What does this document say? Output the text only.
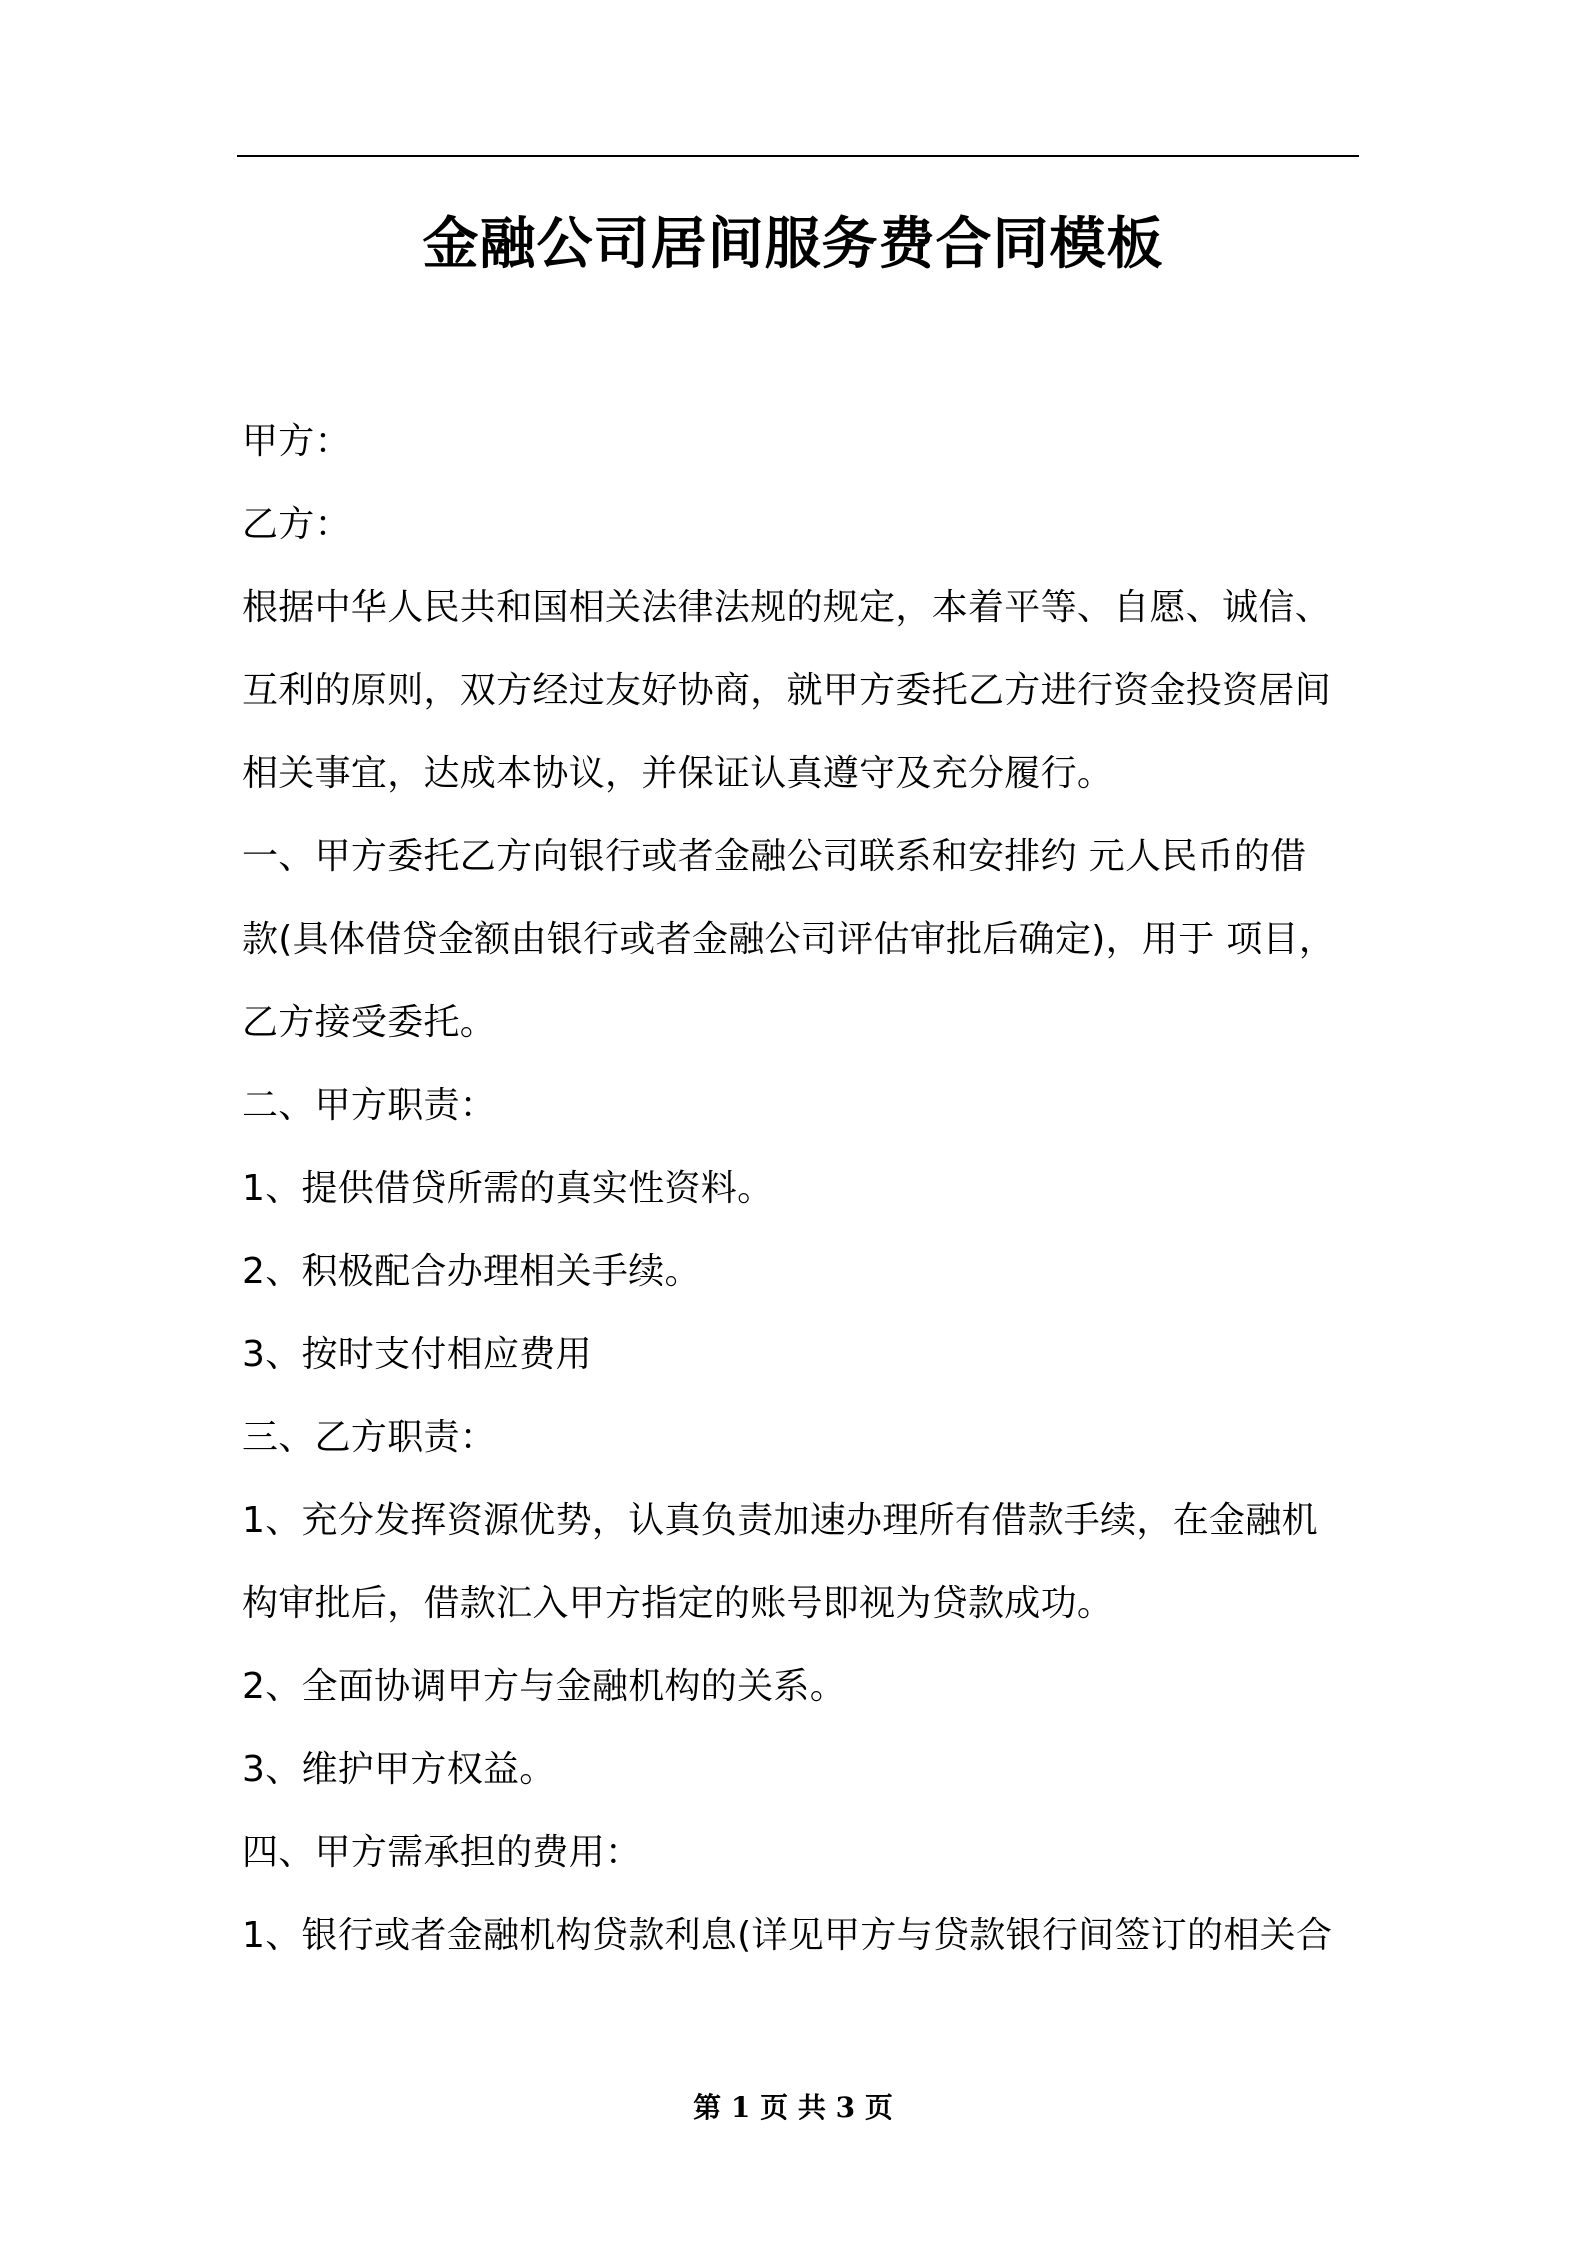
金融公司居间服务费合同模板
甲方：
乙方：
根据中华人民共和国相关法律法规的规定，本着平等、自愿、诚信、
互利的原则，双方经过友好协商，就甲方委托乙方进行资金投资居间
相关事宜，达成本协议，并保证认真遵守及充分履行。
一、甲方委托乙方向银行或者金融公司联系和安排约 元人民币的借
款(具体借贷金额由银行或者金融公司评估审批后确定)，用于 项目，
乙方接受委托。
二、甲方职责：
1、提供借贷所需的真实性资料。
2、积极配合办理相关手续。
3、按时支付相应费用
三、乙方职责：
1、充分发挥资源优势，认真负责加速办理所有借款手续，在金融机
构审批后，借款汇入甲方指定的账号即视为贷款成功。
2、全面协调甲方与金融机构的关系。
3、维护甲方权益。
四、甲方需承担的费用：
1、银行或者金融机构贷款利息(详见甲方与贷款银行间签订的相关合
第 1 页 共 3 页
